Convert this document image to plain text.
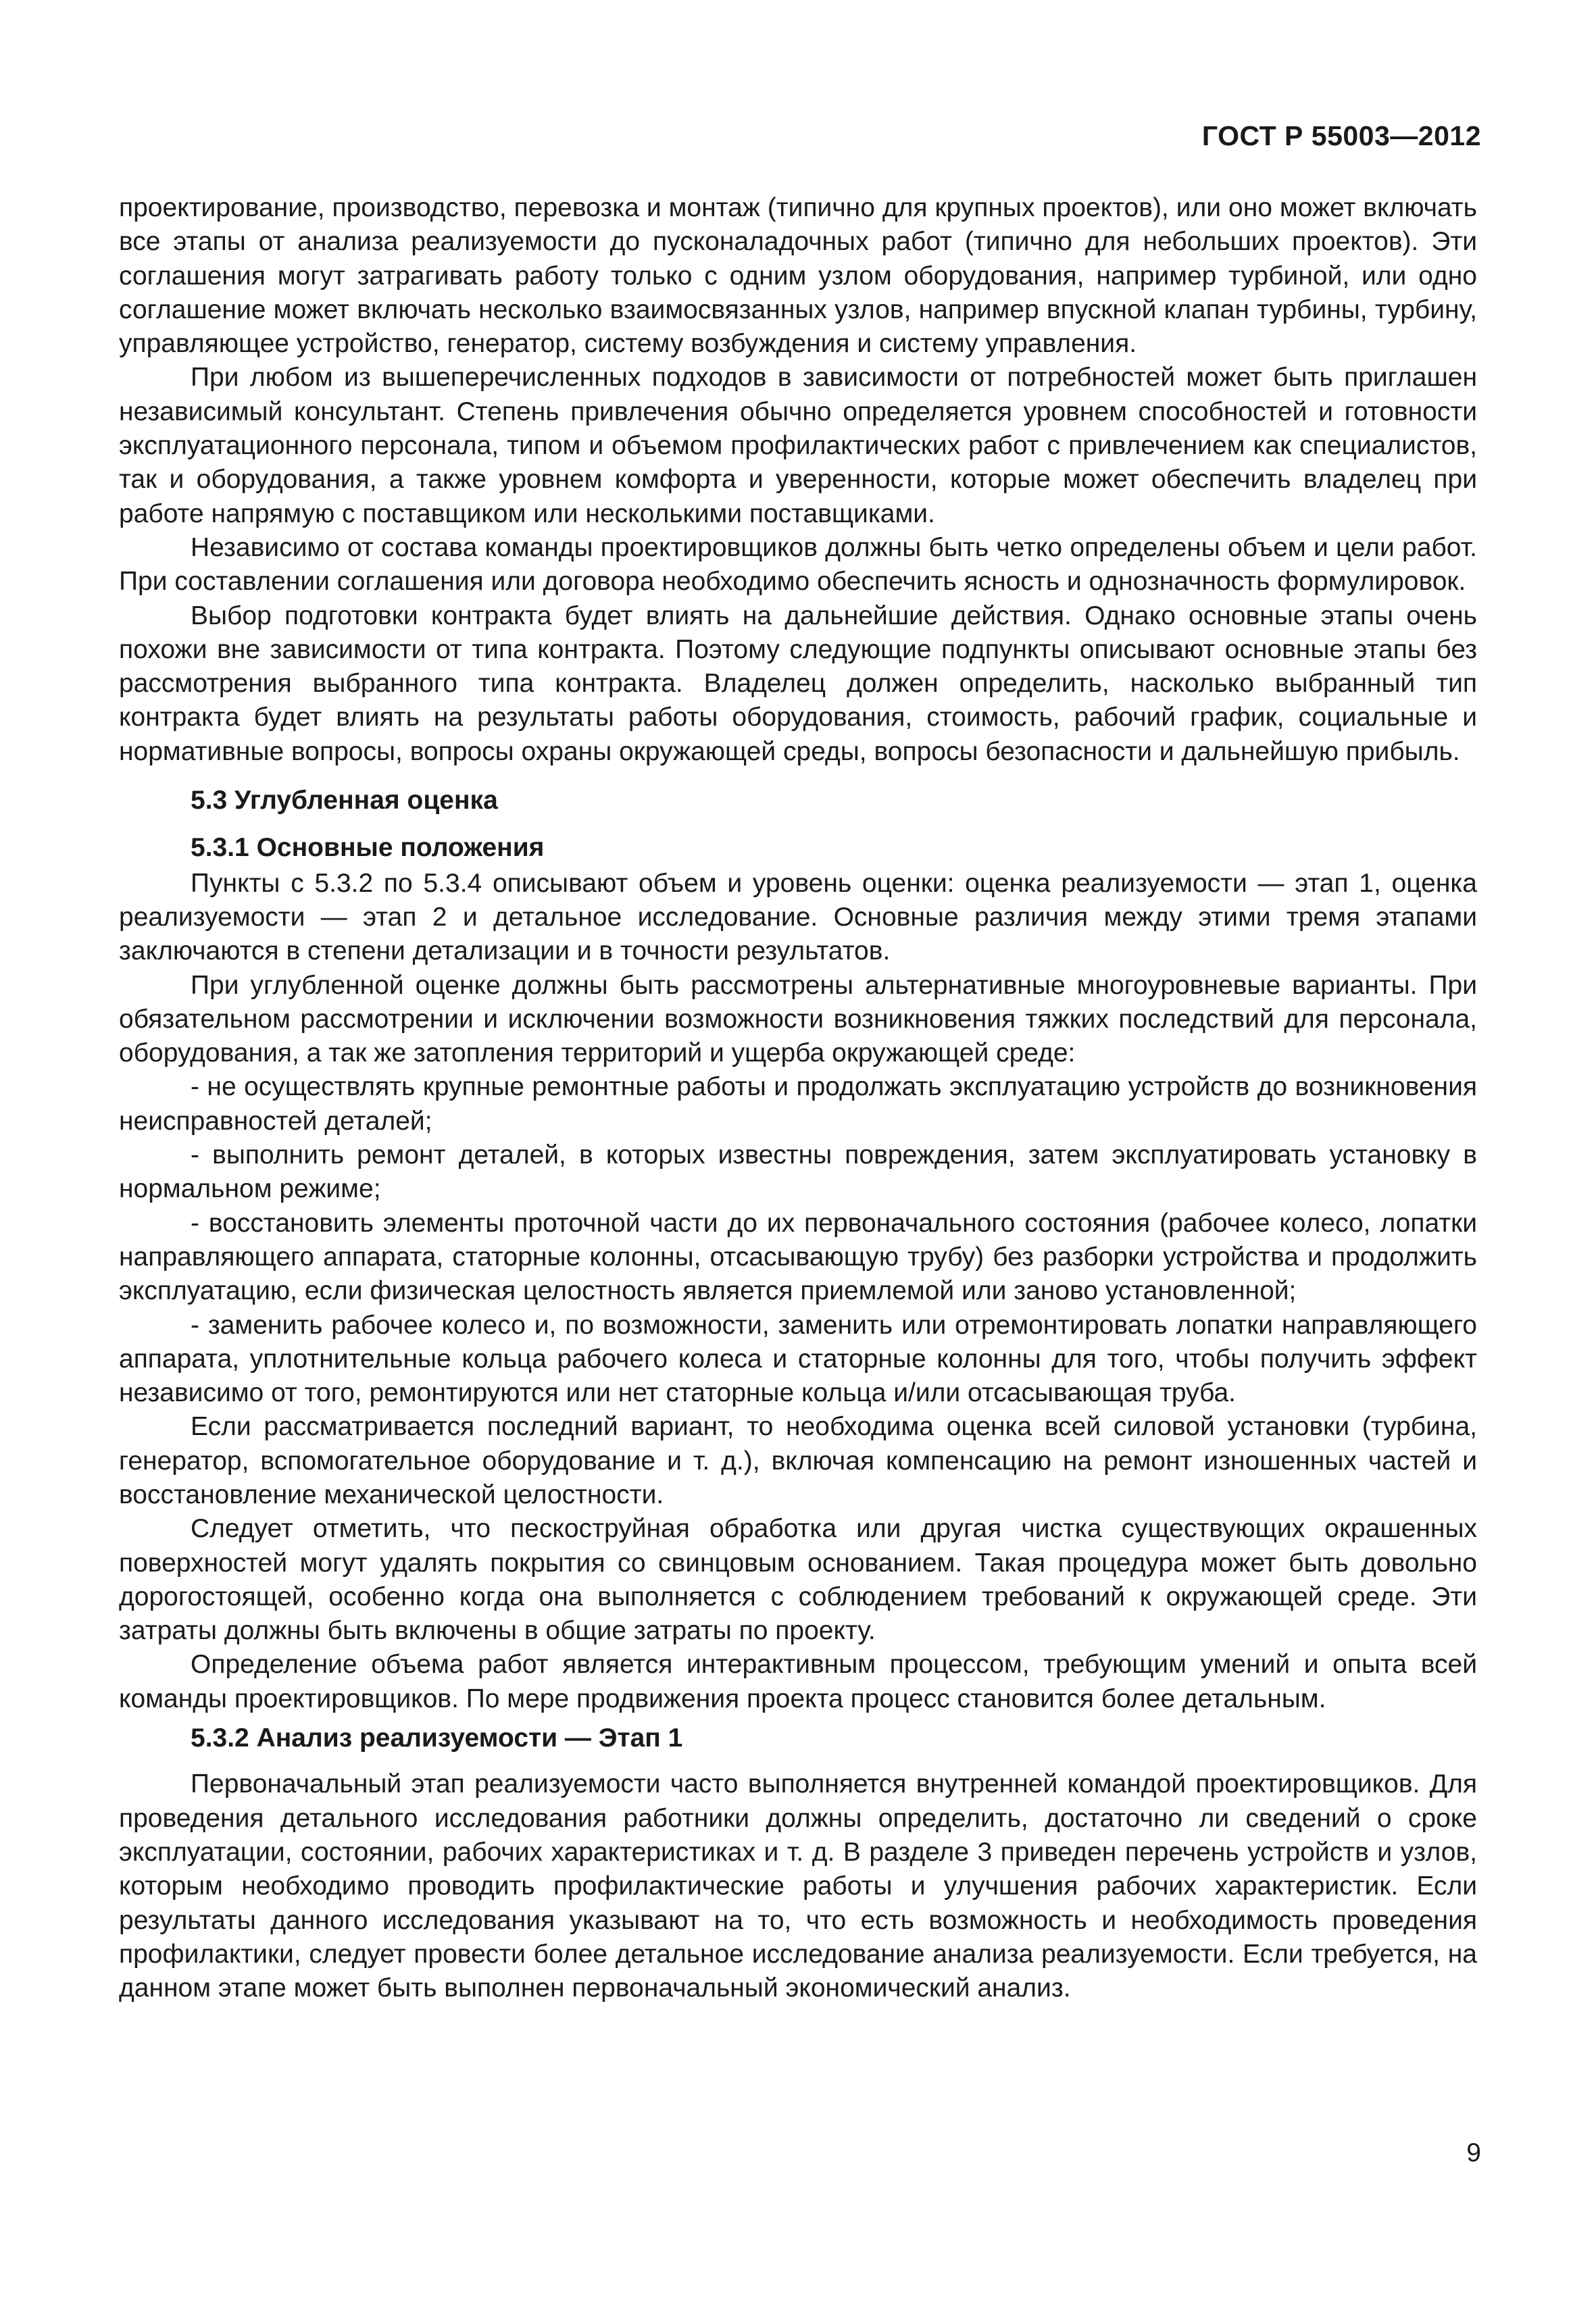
ГОСТ Р 55003—2012

проектирование, производство, перевозка и монтаж (типично для крупных проектов), или оно может включать все этапы от анализа реализуемости до пусконаладочных работ (типично для небольших проектов). Эти соглашения могут затрагивать работу только с одним узлом оборудования, например турбиной, или одно соглашение может включать несколько взаимосвязанных узлов, например впускной клапан турбины, турбину, управляющее устройство, генератор, систему возбуждения и систему управления.

При любом из вышеперечисленных подходов в зависимости от потребностей может быть приглашен независимый консультант. Степень привлечения обычно определяется уровнем способностей и готовности эксплуатационного персонала, типом и объемом профилактических работ с привлечением как специалистов, так и оборудования, а также уровнем комфорта и уверенности, которые может обеспечить владелец при работе напрямую с поставщиком или несколькими поставщиками.

Независимо от состава команды проектировщиков должны быть четко определены объем и цели работ. При составлении соглашения или договора необходимо обеспечить ясность и однозначность формулировок.

Выбор подготовки контракта будет влиять на дальнейшие действия. Однако основные этапы очень похожи вне зависимости от типа контракта. Поэтому следующие подпункты описывают основные этапы без рассмотрения выбранного типа контракта. Владелец должен определить, насколько выбранный тип контракта будет влиять на результаты работы оборудования, стоимость, рабочий график, социальные и нормативные вопросы, вопросы охраны окружающей среды, вопросы безопасности и дальнейшую прибыль.

5.3 Углубленная оценка
5.3.1 Основные положения

Пункты с 5.3.2 по 5.3.4 описывают объем и уровень оценки: оценка реализуемости — этап 1, оценка реализуемости — этап 2 и детальное исследование. Основные различия между этими тремя этапами заключаются в степени детализации и в точности результатов.

При углубленной оценке должны быть рассмотрены альтернативные многоуровневые варианты. При обязательном рассмотрении и исключении возможности возникновения тяжких последствий для персонала, оборудования, а так же затопления территорий и ущерба окружающей среде:

- не осуществлять крупные ремонтные работы и продолжать эксплуатацию устройств до возникновения неисправностей деталей;

- выполнить ремонт деталей, в которых известны повреждения, затем эксплуатировать установку в нормальном режиме;

- восстановить элементы проточной части до их первоначального состояния (рабочее колесо, лопатки направляющего аппарата, статорные колонны, отсасывающую трубу) без разборки устройства и продолжить эксплуатацию, если физическая целостность является приемлемой или заново установленной;

- заменить рабочее колесо и, по возможности, заменить или отремонтировать лопатки направляющего аппарата, уплотнительные кольца рабочего колеса и статорные колонны для того, чтобы получить эффект независимо от того, ремонтируются или нет статорные кольца и/или отсасывающая труба.

Если рассматривается последний вариант, то необходима оценка всей силовой установки (турбина, генератор, вспомогательное оборудование и т. д.), включая компенсацию на ремонт изношенных частей и восстановление механической целостности.

Следует отметить, что пескоструйная обработка или другая чистка существующих окрашенных поверхностей могут удалять покрытия со свинцовым основанием. Такая процедура может быть довольно дорогостоящей, особенно когда она выполняется с соблюдением требований к окружающей среде. Эти затраты должны быть включены в общие затраты по проекту.

Определение объема работ является интерактивным процессом, требующим умений и опыта всей команды проектировщиков. По мере продвижения проекта процесс становится более детальным.

5.3.2 Анализ реализуемости — Этап 1

Первоначальный этап реализуемости часто выполняется внутренней командой проектировщиков. Для проведения детального исследования работники должны определить, достаточно ли сведений о сроке эксплуатации, состоянии, рабочих характеристиках и т. д. В разделе 3 приведен перечень устройств и узлов, которым необходимо проводить профилактические работы и улучшения рабочих характеристик. Если результаты данного исследования указывают на то, что есть возможность и необходимость проведения профилактики, следует провести более детальное исследование анализа реализуемости. Если требуется, на данном этапе может быть выполнен первоначальный экономический анализ.

9
